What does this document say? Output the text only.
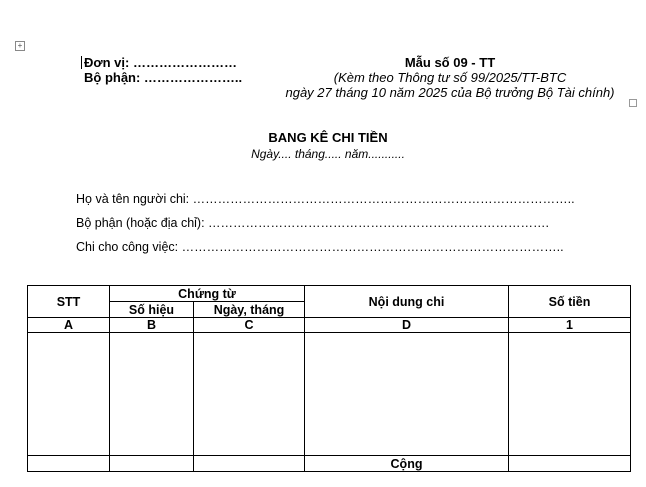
+
Đơn vị: ……………………
Bộ phận: …………………..
Mẫu số 09 - TT
(Kèm theo Thông tư số 99/2025/TT-BTC
ngày 27 tháng 10 năm 2025 của Bộ trưởng Bộ Tài chính)
BANG KÊ CHI TIỀN
Ngày.... tháng..... năm...........
Họ và tên người chi: ………………………………………………………………………………..
Bộ phận (hoặc địa chỉ): ……………………………………………………………………….
Chi cho công việc: ………………………………………………………………………………..
STT	Chứng từ		Nội dung chi	Số tiền
	Số hiệu	Ngày, tháng		
A	B	C	D	1

			Cộng	
